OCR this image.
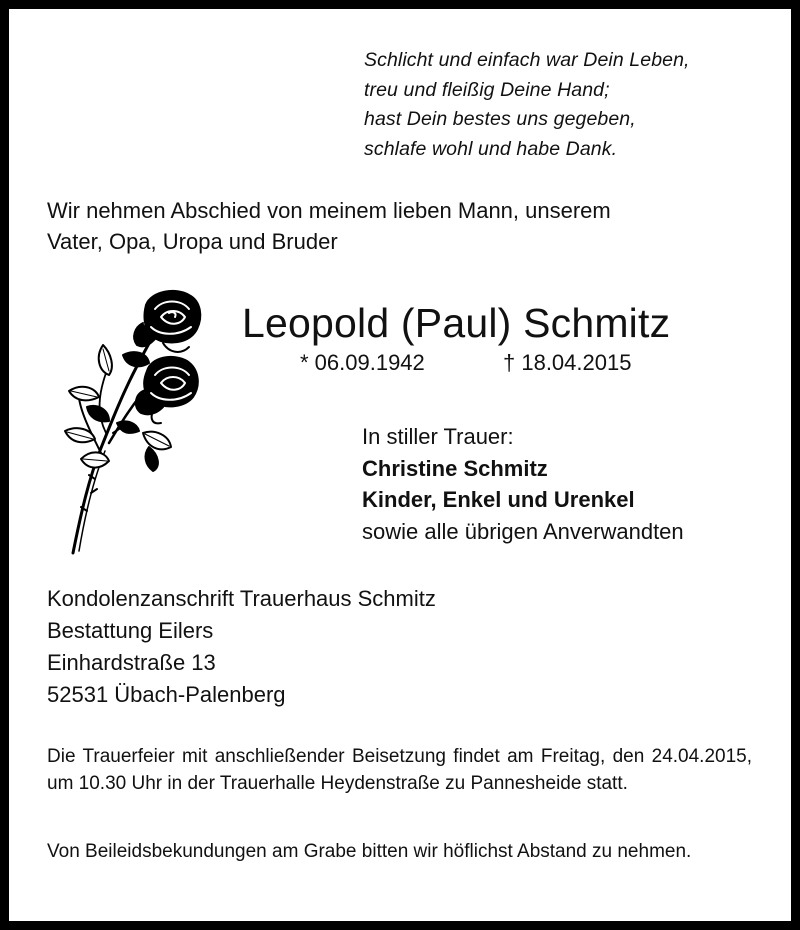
Schlicht und einfach war Dein Leben,
treu und fleißig Deine Hand;
hast Dein bestes uns gegeben,
schlafe wohl und habe Dank.
Wir nehmen Abschied von meinem lieben Mann, unserem
Vater, Opa, Uropa und Bruder
Leopold (Paul) Schmitz
* 06.09.1942	† 18.04.2015
In stiller Trauer:
Christine Schmitz
Kinder, Enkel und Urenkel
sowie alle übrigen Anverwandten
Kondolenzanschrift Trauerhaus Schmitz
Bestattung Eilers
Einhardstraße 13
52531 Übach-Palenberg
Die Trauerfeier mit anschließender Beisetzung findet am Freitag, den 24.04.2015, um 10.30 Uhr in der Trauerhalle Heydenstraße zu Pannesheide statt.
Von Beileidsbekundungen am Grabe bitten wir höflichst Abstand zu nehmen.
